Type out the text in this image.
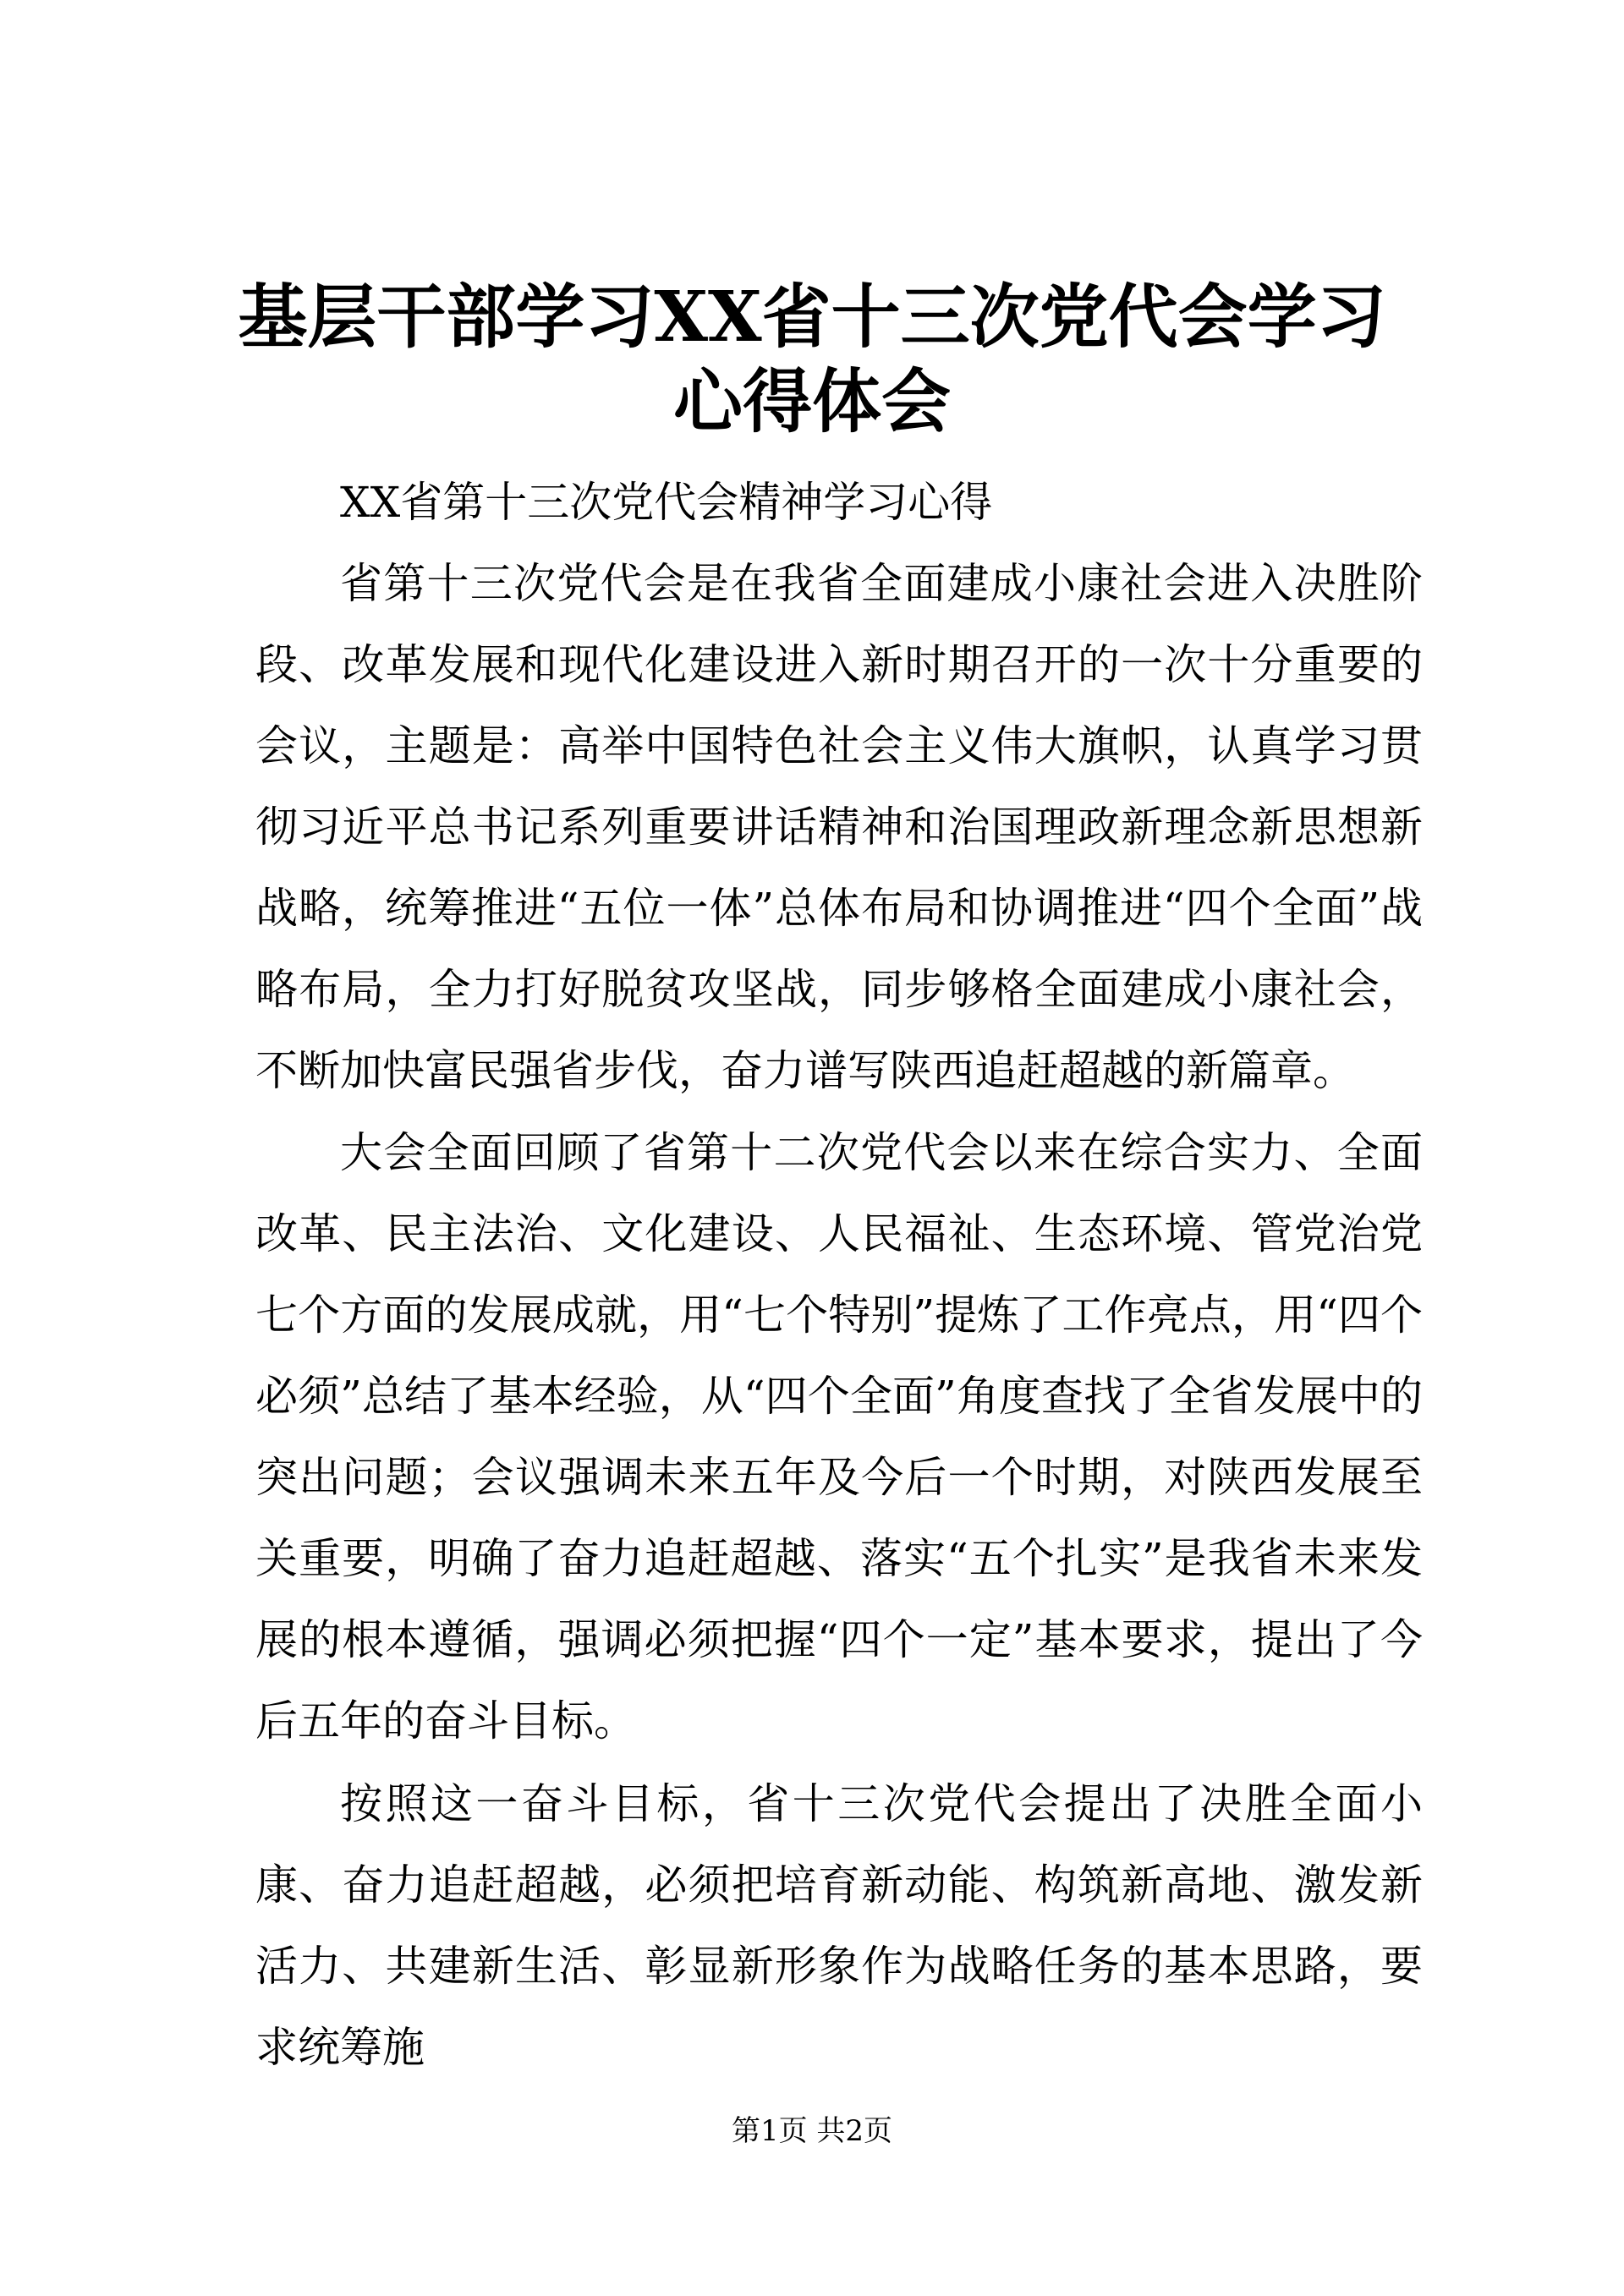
基层干部学习XX省十三次党代会学习心得体会

XX省第十三次党代会精神学习心得

省第十三次党代会是在我省全面建成小康社会进入决胜阶段、改革发展和现代化建设进入新时期召开的一次十分重要的会议，主题是：高举中国特色社会主义伟大旗帜，认真学习贯彻习近平总书记系列重要讲话精神和治国理政新理念新思想新战略，统筹推进“五位一体”总体布局和协调推进“四个全面”战略布局，全力打好脱贫攻坚战，同步够格全面建成小康社会，不断加快富民强省步伐，奋力谱写陕西追赶超越的新篇章。

大会全面回顾了省第十二次党代会以来在综合实力、全面改革、民主法治、文化建设、人民福祉、生态环境、管党治党七个方面的发展成就，用“七个特别”提炼了工作亮点，用“四个必须”总结了基本经验，从“四个全面”角度查找了全省发展中的突出问题；会议强调未来五年及今后一个时期，对陕西发展至关重要，明确了奋力追赶超越、落实“五个扎实”是我省未来发展的根本遵循，强调必须把握“四个一定”基本要求，提出了今后五年的奋斗目标。

按照这一奋斗目标，省十三次党代会提出了决胜全面小康、奋力追赶超越，必须把培育新动能、构筑新高地、激发新活力、共建新生活、彰显新形象作为战略任务的基本思路，要求统筹施

第1页 共2页
